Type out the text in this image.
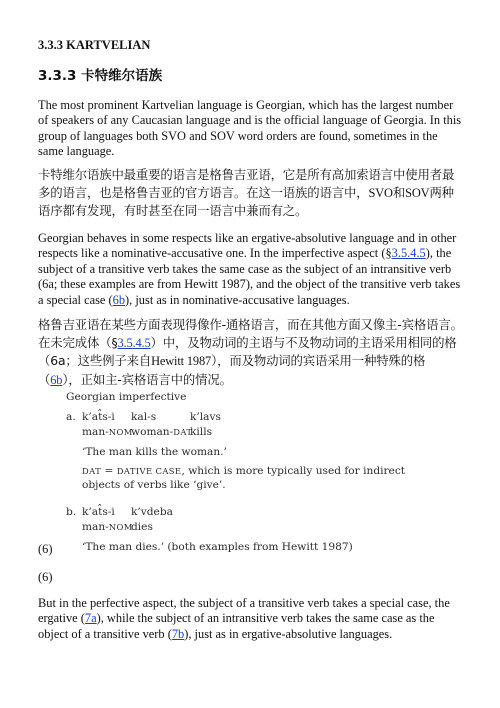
3.3.3 KARTVELIAN
3.3.3 卡特维尔语族
The most prominent Kartvelian language is Georgian, which has the largest number of speakers of any Caucasian language and is the official language of Georgia. In this group of languages both SVO and SOV word orders are found, sometimes in the same language.
卡特维尔语族中最重要的语言是格鲁吉亚语，它是所有高加索语言中使用者最多的语言，也是格鲁吉亚的官方语言。在这一语族的语言中，SVO和SOV两种语序都有发现，有时甚至在同一语言中兼而有之。
Georgian behaves in some respects like an ergative-absolutive language and in other respects like a nominative-accusative one. In the imperfective aspect (§3.5.4.5), the subject of a transitive verb takes the same case as the subject of an intransitive verb (6a; these examples are from Hewitt 1987), and the object of the transitive verb takes a special case (6b), just as in nominative-accusative languages.
格鲁吉亚语在某些方面表现得像作-通格语言，而在其他方面又像主-宾格语言。在未完成体（§3.5.4.5）中，及物动词的主语与不及物动词的主语采用相同的格（6a；这些例子来自Hewitt 1987），而及物动词的宾语采用一种特殊的格（6b），正如主-宾格语言中的情况。
Georgian imperfective
a. k’at̂s-i kal-s	k’lavs
man-NOM
woman-DAT
kills
‘The man kills the woman.’
DAT = DATIVE CASE, which is more typically used for indirect objects of verbs like ‘give’.
b. k’at̂s-i k’vdeba
man-NOM
dies
(6)	‘The man dies.’ (both examples from Hewitt 1987)
(6)
But in the perfective aspect, the subject of a transitive verb takes a special case, the ergative (7a), while the subject of an intransitive verb takes the same case as the object of a transitive verb (7b), just as in ergative-absolutive languages.
